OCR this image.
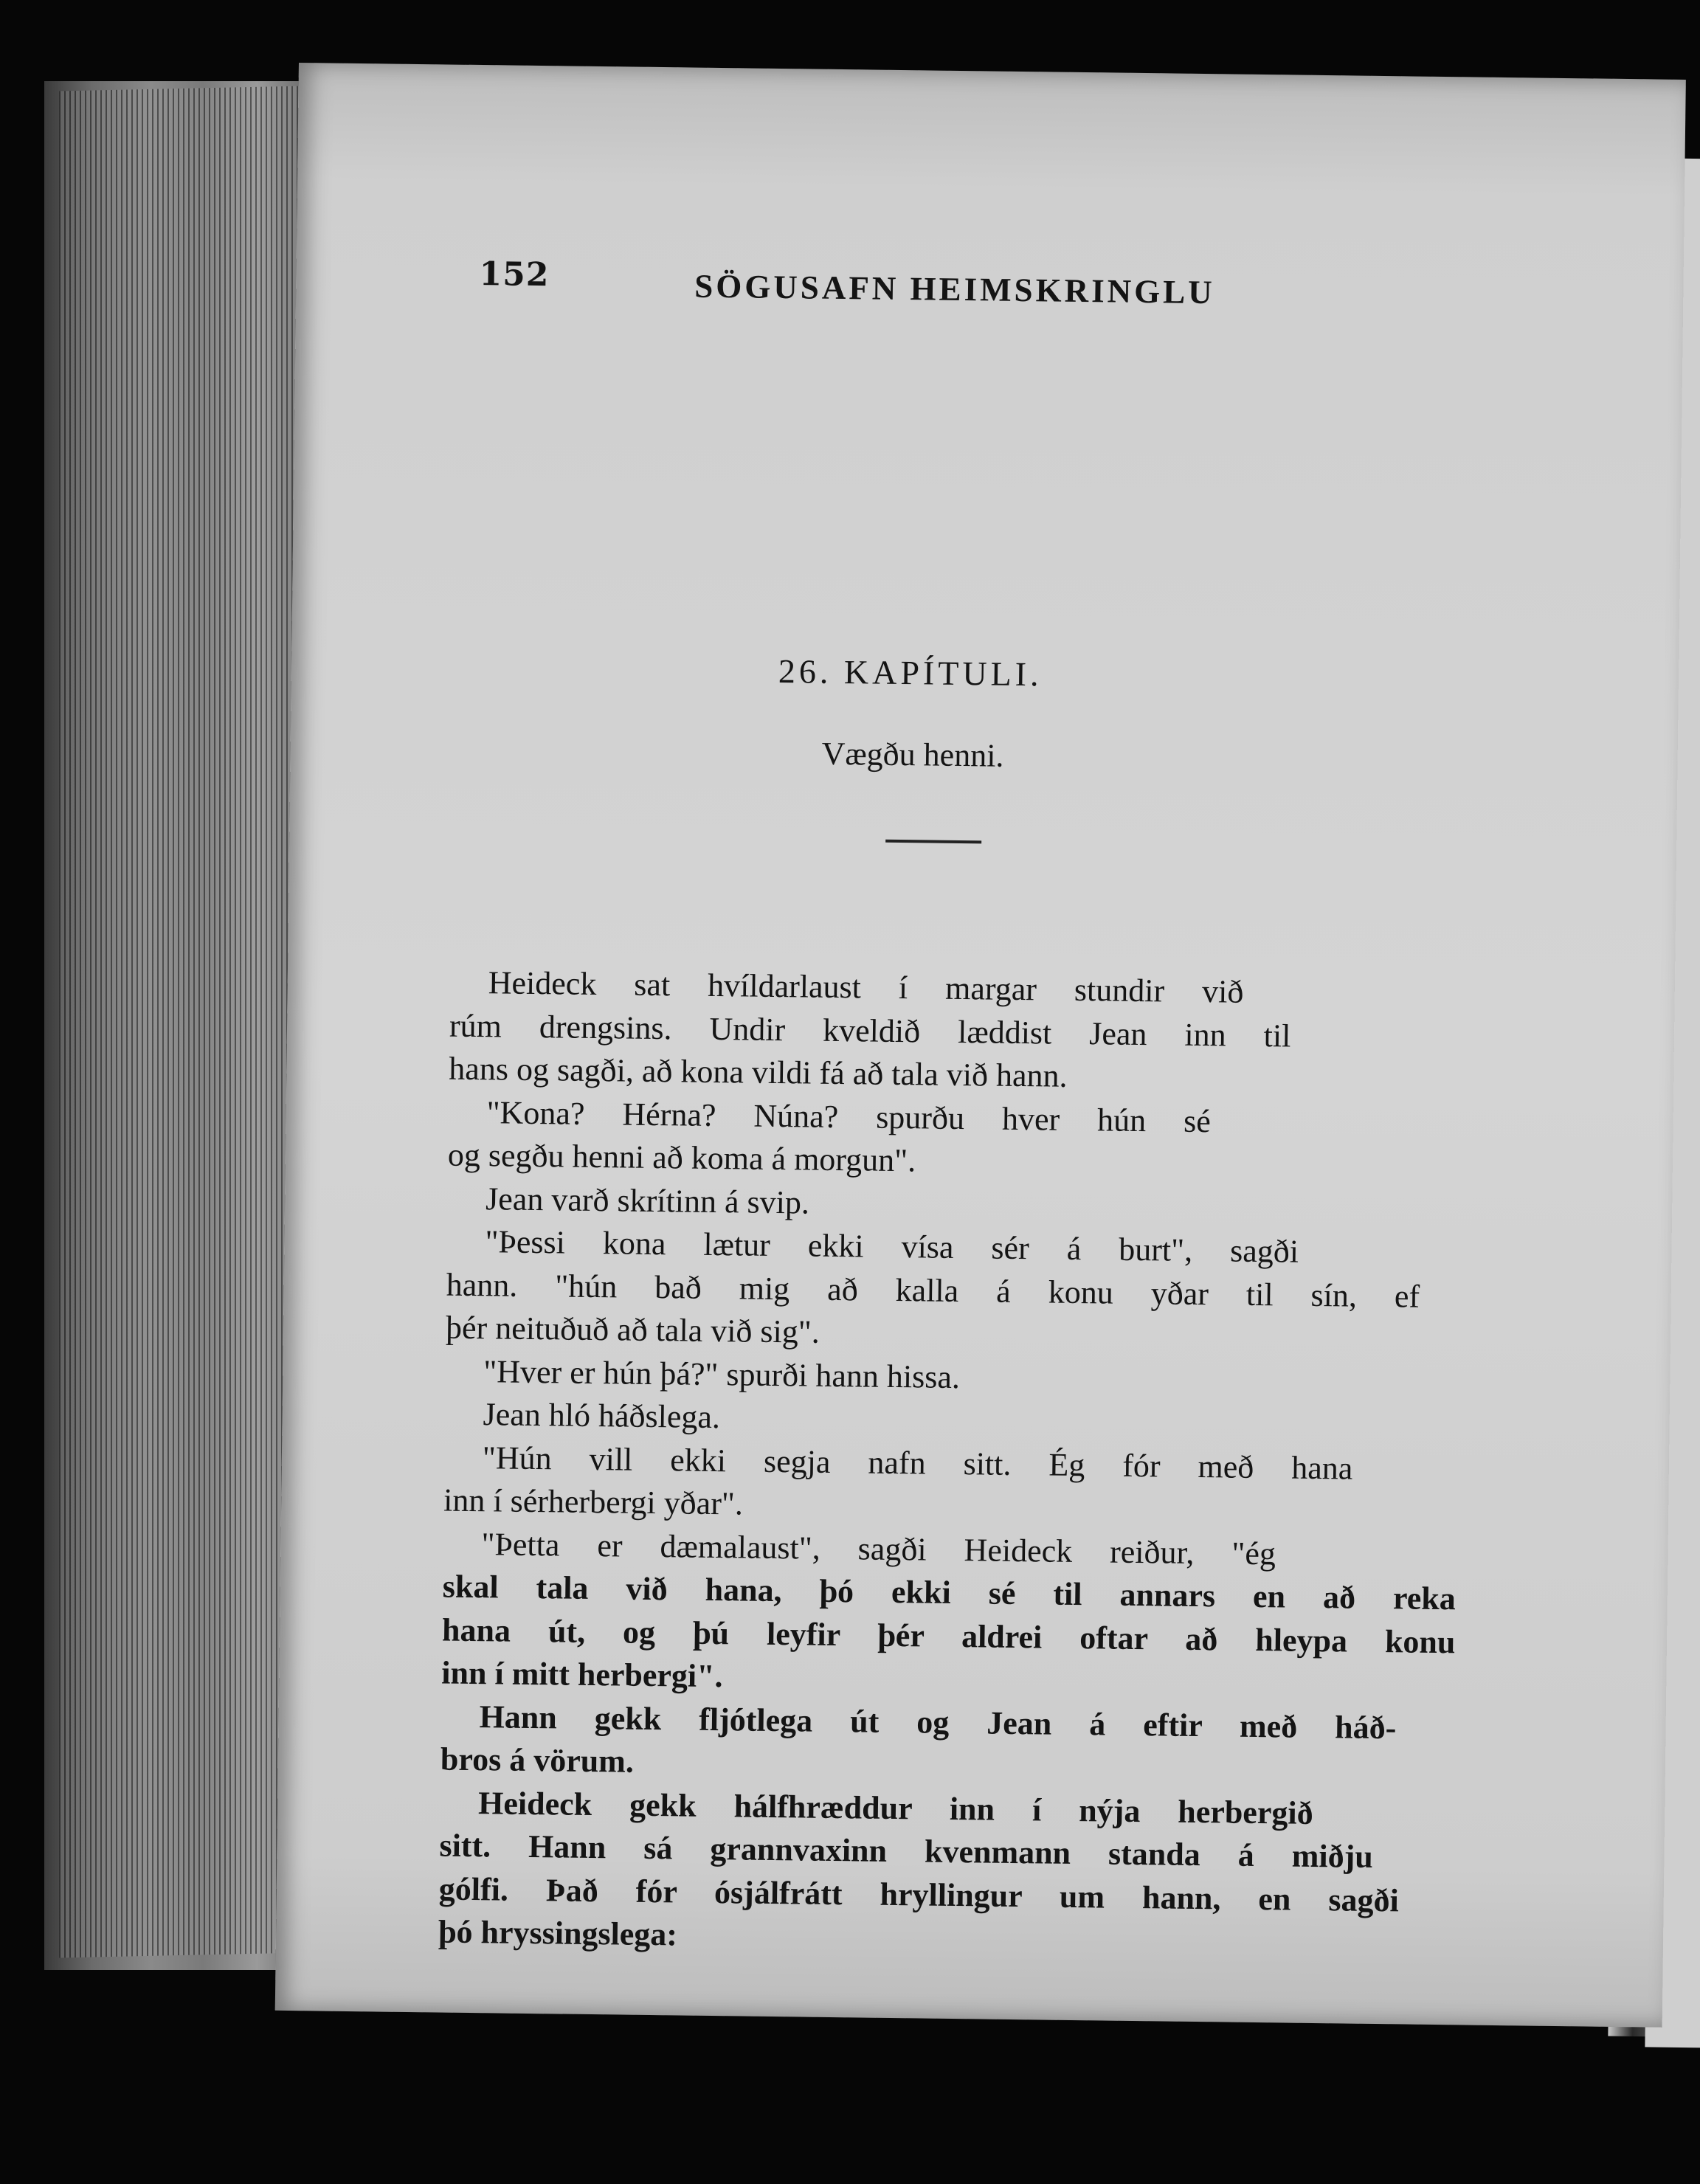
152	SÖGUSAFN HEIMSKRINGLU
26. KAPÍTULI.
Vægðu henni.
Heideck sat hvíldarlaust í margar stundir við
rúm drengsins. Undir kveldið læddist Jean inn til
hans og sagði, að kona vildi fá að tala við hann.
"Kona? Hérna? Núna? spurðu hver hún sé
og segðu henni að koma á morgun".
Jean varð skrítinn á svip.
"Þessi kona lætur ekki vísa sér á burt", sagði
hann. "hún bað mig að kalla á konu yðar til sín, ef
þér neituðuð að tala við sig".
"Hver er hún þá?" spurði hann hissa.
Jean hló háðslega.
"Hún vill ekki segja nafn sitt. Ég fór með hana
inn í sérherbergi yðar".
"Þetta er dæmalaust", sagði Heideck reiður, "ég
skal tala við hana, þó ekki sé til annars en að reka
hana út, og þú leyfir þér aldrei oftar að hleypa konu
inn í mitt herbergi".
Hann gekk fljótlega út og Jean á eftir með háð-
bros á vörum.
Heideck gekk hálfhræddur inn í nýja herbergið
sitt. Hann sá grannvaxinn kvenmann standa á miðju
gólfi. Það fór ósjálfrátt hryllingur um hann, en sagði
þó hryssingslega:
